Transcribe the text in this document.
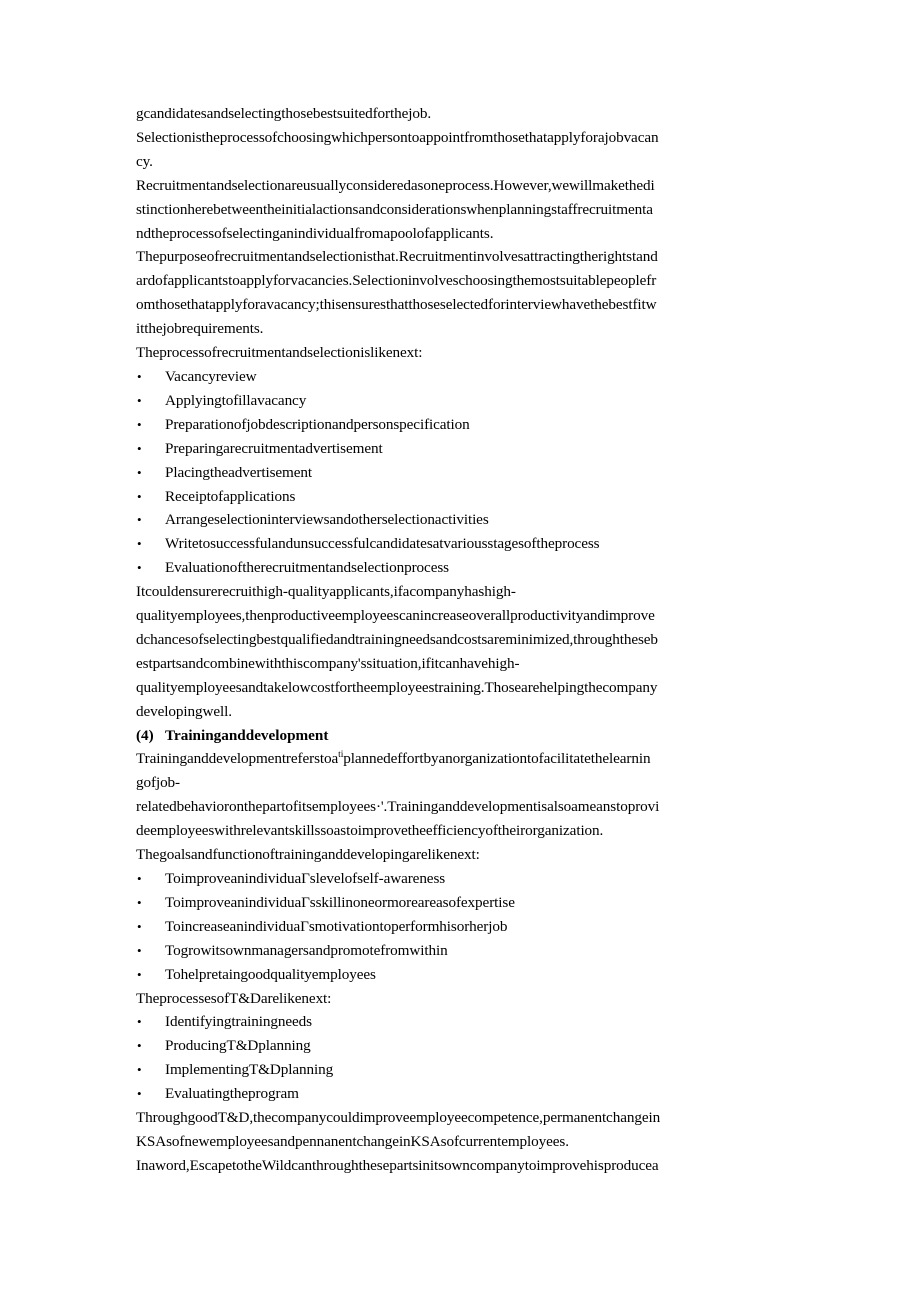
gcandidatesandselectingthosebestsuitedforthejob.
Selectionistheprocessofchoosingwhichpersontoappointfromthosethatapplyforajobvacan
cy.
Recruitmentandselectionareusuallyconsideredasoneprocess.However,wewillmakethedi
stinctionherebetweentheinitialactionsandconsiderationswhenplanningstaffrecruitmenta
ndtheprocessofselectinganindividualfromapoolofapplicants.
Thepurposeofrecruitmentandselectionisthat.Recruitmentinvolvesattractingtherightstand
ardofapplicantstoapplyforvacancies.Selectioninvolveschoosingthemostsuitablepeoplefr
omthosethatapplyforavacancy;thisensuresthatthoseselectedforinterviewhavethebestfitw
itthejobrequirements.
Theprocessofrecruitmentandselectionislikenext:
• Vacancyreview
• Applyingtofillavacancy
• Preparationofjobdescriptionandpersonspecification
• Preparingarecruitmentadvertisement
• Placingtheadvertisement
• Receiptofapplications
• Arrangeselectioninterviewsandotherselectionactivities
• Writetosuccessfulandunsuccessfulcandidatesatvariousstagesoftheprocess
• Evaluationoftherecruitmentandselectionprocess
Itcouldensurerecruithigh-qualityapplicants,ifacompanyhashigh-
qualityemployees,thenproductiveemployeescanincreaseoverallproductivityandimprove
dchancesofselectingbestqualifiedandtrainingneedsandcostsareminimized,throughtheseb
estpartsandcombinewiththiscompany'ssituation,ifitcanhavehigh-
qualityemployeesandtakelowcostfortheemployeestraining.Thosearehelpingthecompany
developingwell.
(4) Traininganddevelopment
Traininganddevelopmentreferstoa$^{ti}$plannedeffortbyanorganizationtofacilitatethelearnin
gofjob-
relatedbehavioronthepartofitsemployees·'.Traininganddevelopmentisalsoameanstoprovi
deemployeeswithrelevantskillssoastoimprovetheefficiencyoftheirorganization.
Thegoalsandfunctionoftraininganddevelopingarelikenext:
• ToimproveanindividuaΓslevelofself-awareness
• ToimproveanindividuaΓsskillinoneormoreareasofexpertise
• ToincreaseanindividuaΓsmotivationtoperformhisorherjob
• Togrowitsownmanagersandpromotefromwithin
• Tohelpretaingoodqualityemployees
TheprocessesofT&Darelikenext:
• Identifyingtrainingneeds
• ProducingT&Dplanning
• ImplementingT&Dplanning
• Evaluatingtheprogram
ThroughgoodT&D,thecompanycouldimproveemployeecompetence,permanentchangein
KSAsofnewemployeesandpennanentchangeinKSAsofcurrentemployees.
Inaword,EscapetotheWildcanthroughthesepartsinitsowncompanytoimprovehisproducea
